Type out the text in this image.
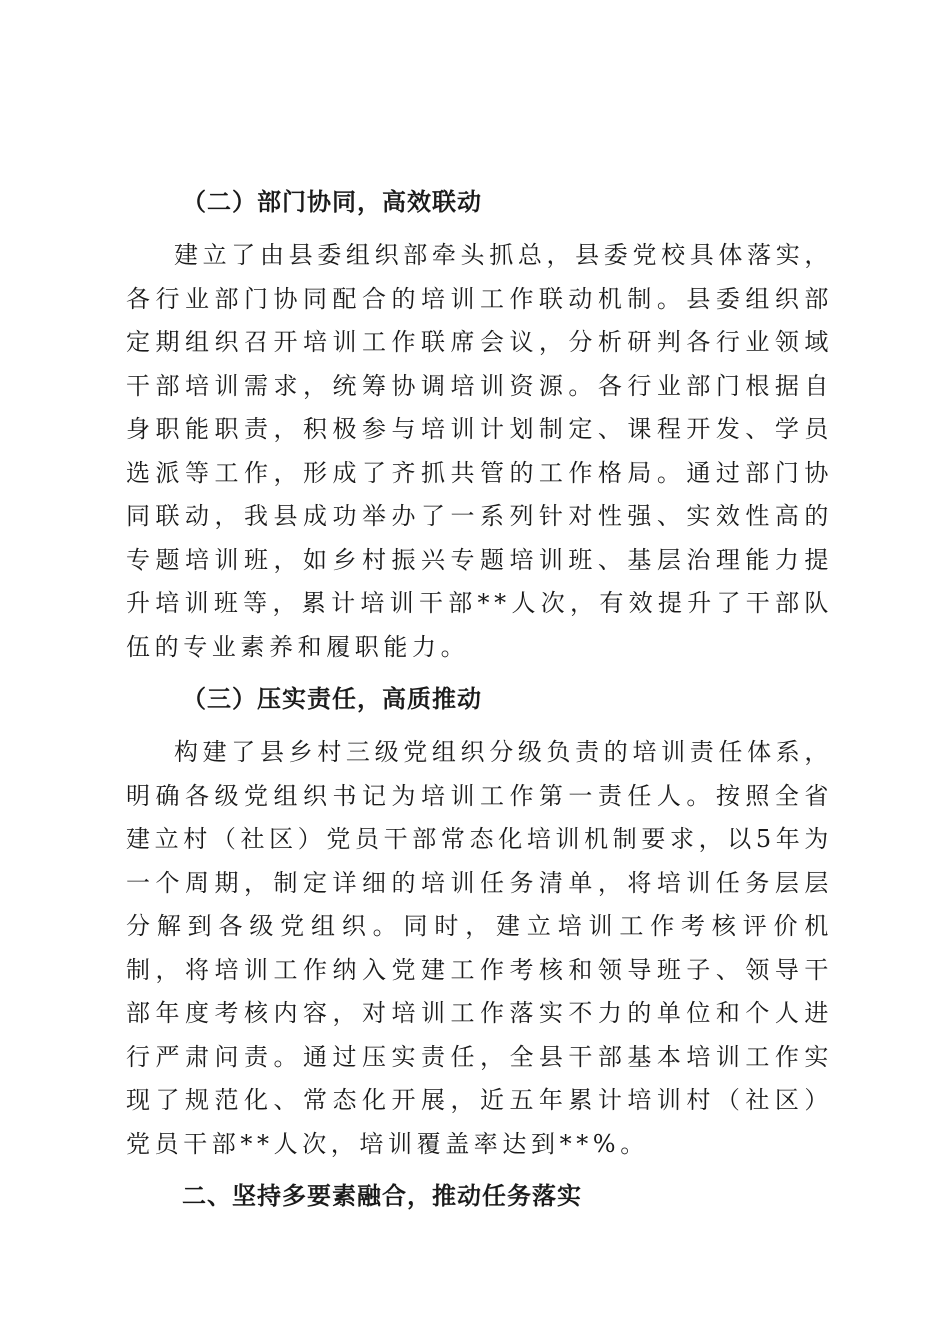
（二）部门协同，高效联动

建立了由县委组织部牵头抓总，县委党校具体落实，各行业部门协同配合的培训工作联动机制。县委组织部定期组织召开培训工作联席会议，分析研判各行业领域干部培训需求，统筹协调培训资源。各行业部门根据自身职能职责，积极参与培训计划制定、课程开发、学员选派等工作，形成了齐抓共管的工作格局。通过部门协同联动，我县成功举办了一系列针对性强、实效性高的专题培训班，如乡村振兴专题培训班、基层治理能力提升培训班等，累计培训干部**人次，有效提升了干部队伍的专业素养和履职能力。

（三）压实责任，高质推动

构建了县乡村三级党组织分级负责的培训责任体系，明确各级党组织书记为培训工作第一责任人。按照全省建立村（社区）党员干部常态化培训机制要求，以5年为一个周期，制定详细的培训任务清单，将培训任务层层分解到各级党组织。同时，建立培训工作考核评价机制，将培训工作纳入党建工作考核和领导班子、领导干部年度考核内容，对培训工作落实不力的单位和个人进行严肃问责。通过压实责任，全县干部基本培训工作实现了规范化、常态化开展，近五年累计培训村（社区）党员干部**人次，培训覆盖率达到**%。

二、坚持多要素融合，推动任务落实
